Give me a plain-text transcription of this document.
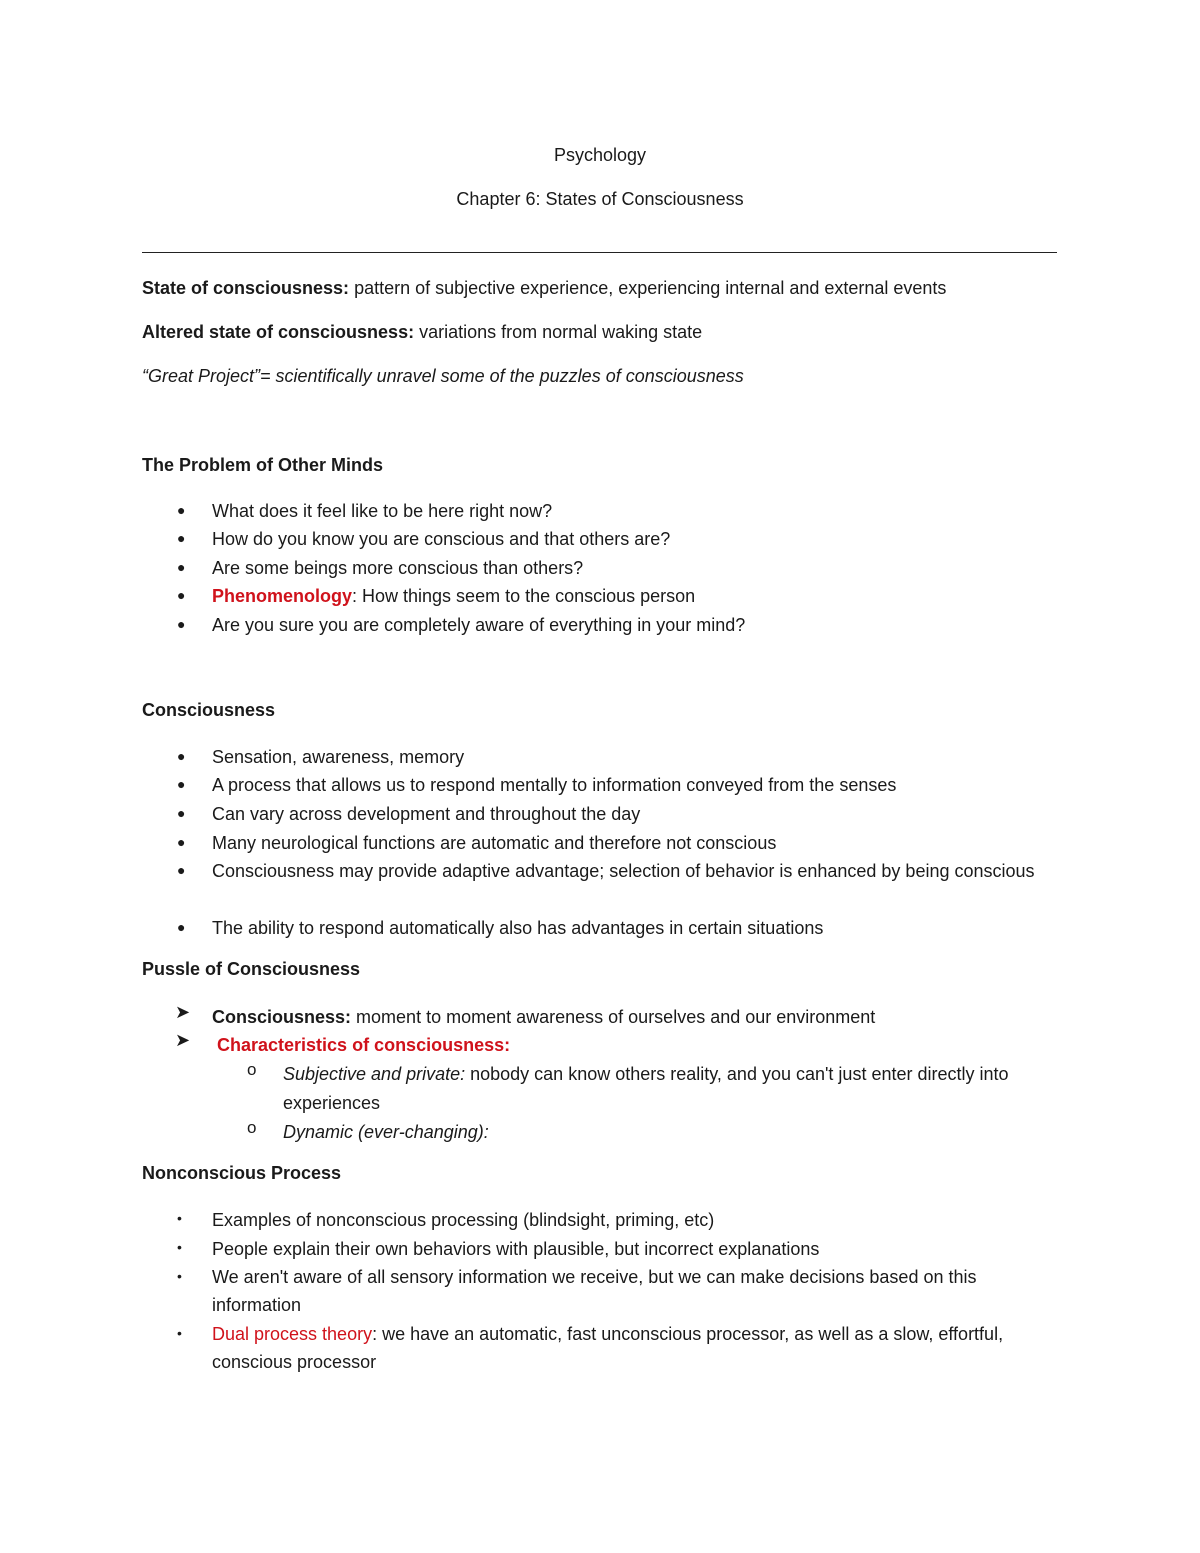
Psychology
Chapter 6: States of Consciousness
State of consciousness: pattern of subjective experience, experiencing internal and external events
Altered state of consciousness: variations from normal waking state
“Great Project”= scientifically unravel some of the puzzles of consciousness
The Problem of Other Minds
● What does it feel like to be here right now?
● How do you know you are conscious and that others are?
● Are some beings more conscious than others?
● Phenomenology: How things seem to the conscious person
● Are you sure you are completely aware of everything in your mind?
Consciousness
● Sensation, awareness, memory
● A process that allows us to respond mentally to information conveyed from the senses
● Can vary across development and throughout the day
● Many neurological functions are automatic and therefore not conscious
● Consciousness may provide adaptive advantage; selection of behavior is enhanced by being conscious
● The ability to respond automatically also has advantages in certain situations
Pussle of Consciousness
➤ Consciousness: moment to moment awareness of ourselves and our environment
➤ Characteristics of consciousness:
o Subjective and private: nobody can know others reality, and you can't just enter directly into experiences
o Dynamic (ever-changing):
Nonconscious Process
• Examples of nonconscious processing (blindsight, priming, etc)
• People explain their own behaviors with plausible, but incorrect explanations
• We aren't aware of all sensory information we receive, but we can make decisions based on this information
• Dual process theory: we have an automatic, fast unconscious processor, as well as a slow, effortful, conscious processor
